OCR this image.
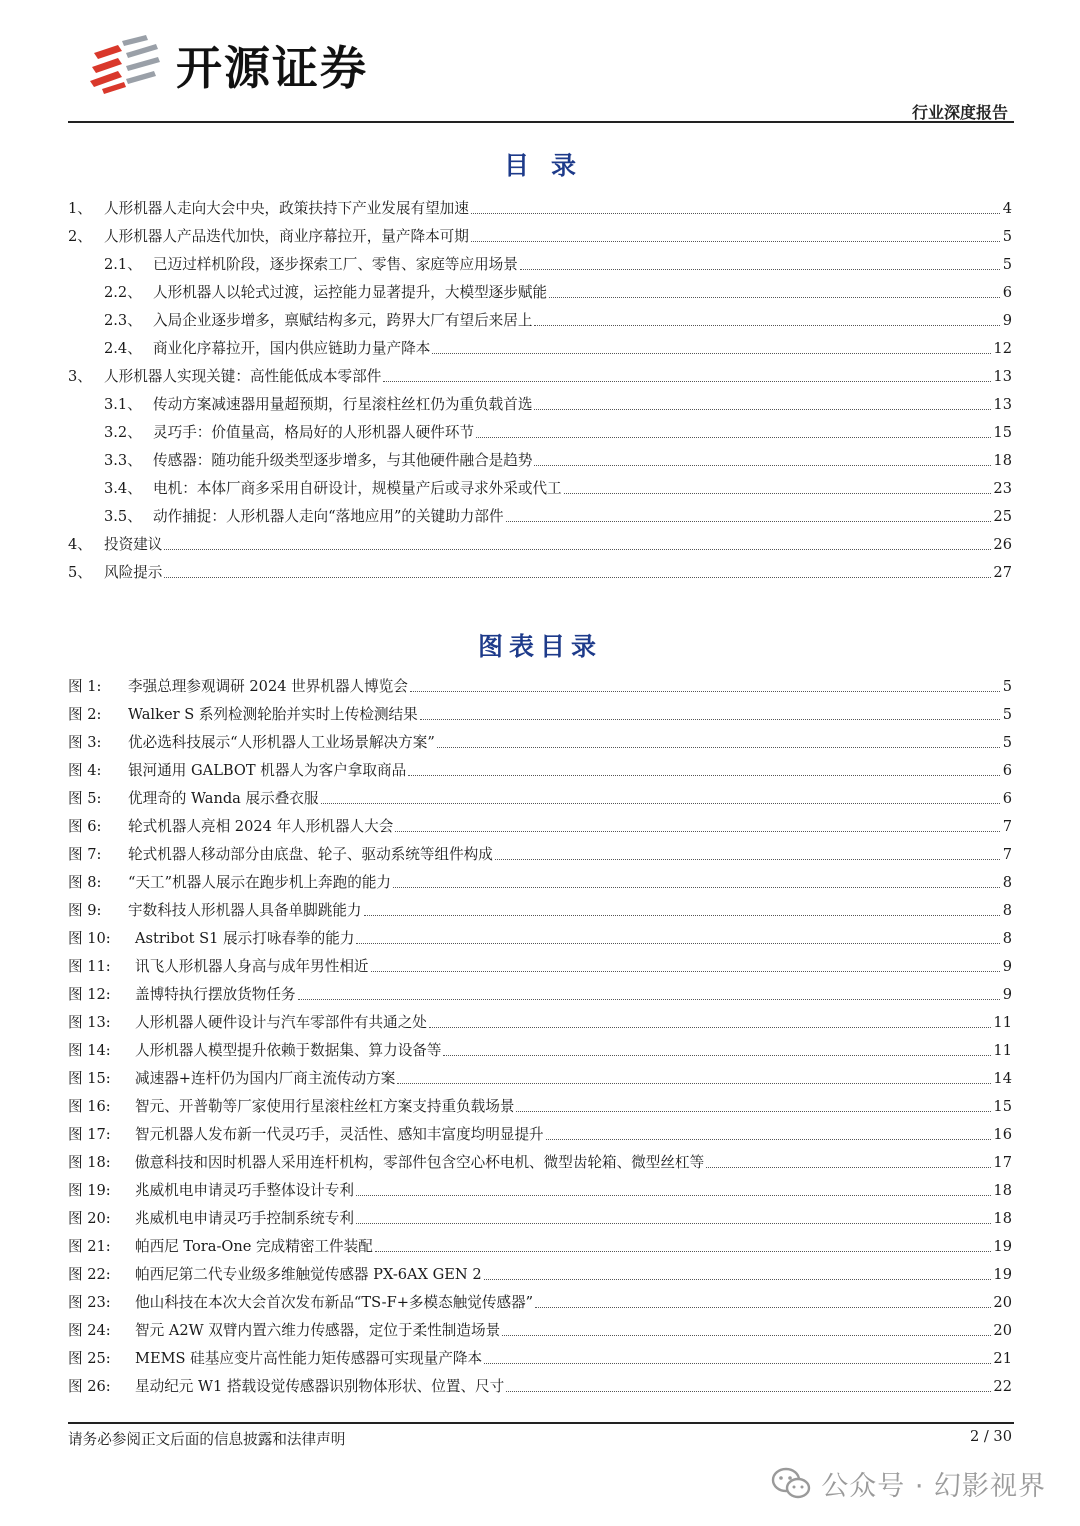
开源证券
行业深度报告
目录
1、 人形机器人走向大会中央，政策扶持下产业发展有望加速	4
2、 人形机器人产品迭代加快，商业序幕拉开，量产降本可期	5
2.1、 已迈过样机阶段，逐步探索工厂、零售、家庭等应用场景	5
2.2、 人形机器人以轮式过渡，运控能力显著提升，大模型逐步赋能	6
2.3、 入局企业逐步增多，禀赋结构多元，跨界大厂有望后来居上	9
2.4、 商业化序幕拉开，国内供应链助力量产降本	12
3、 人形机器人实现关键：高性能低成本零部件	13
3.1、 传动方案减速器用量超预期，行星滚柱丝杠仍为重负载首选	13
3.2、 灵巧手：价值量高，格局好的人形机器人硬件环节	15
3.3、 传感器：随功能升级类型逐步增多，与其他硬件融合是趋势	18
3.4、 电机：本体厂商多采用自研设计，规模量产后或寻求外采或代工	23
3.5、 动作捕捉：人形机器人走向“落地应用”的关键助力部件	25
4、 投资建议	26
5、 风险提示	27
图表目录
图 1:	李强总理参观调研 2024 世界机器人博览会	5
图 2:	Walker S 系列检测轮胎并实时上传检测结果	5
图 3:	优必选科技展示“人形机器人工业场景解决方案”	5
图 4:	银河通用 GALBOT 机器人为客户拿取商品	6
图 5:	优理奇的 Wanda 展示叠衣服	6
图 6:	轮式机器人亮相 2024 年人形机器人大会	7
图 7:	轮式机器人移动部分由底盘、轮子、驱动系统等组件构成	7
图 8:	“天工”机器人展示在跑步机上奔跑的能力	8
图 9:	宇数科技人形机器人具备单脚跳能力	8
图 10:	Astribot S1 展示打咏春拳的能力	8
图 11:	讯飞人形机器人身高与成年男性相近	9
图 12:	盖博特执行摆放货物任务	9
图 13:	人形机器人硬件设计与汽车零部件有共通之处	11
图 14:	人形机器人模型提升依赖于数据集、算力设备等	11
图 15:	减速器+连杆仍为国内厂商主流传动方案	14
图 16:	智元、开普勒等厂家使用行星滚柱丝杠方案支持重负载场景	15
图 17:	智元机器人发布新一代灵巧手，灵活性、感知丰富度均明显提升	16
图 18:	傲意科技和因时机器人采用连杆机构，零部件包含空心杯电机、微型齿轮箱、微型丝杠等	17
图 19:	兆威机电申请灵巧手整体设计专利	18
图 20:	兆威机电申请灵巧手控制系统专利	18
图 21:	帕西尼 Tora-One 完成精密工件装配	19
图 22:	帕西尼第二代专业级多维触觉传感器 PX-6AX GEN 2	19
图 23:	他山科技在本次大会首次发布新品“TS-F+多模态触觉传感器”	20
图 24:	智元 A2W 双臂内置六维力传感器，定位于柔性制造场景	20
图 25:	MEMS 硅基应变片高性能力矩传感器可实现量产降本	21
图 26:	星动纪元 W1 搭载设觉传感器识别物体形状、位置、尺寸	22
请务必参阅正文后面的信息披露和法律声明	2 / 30
公众号 · 幻影视界
